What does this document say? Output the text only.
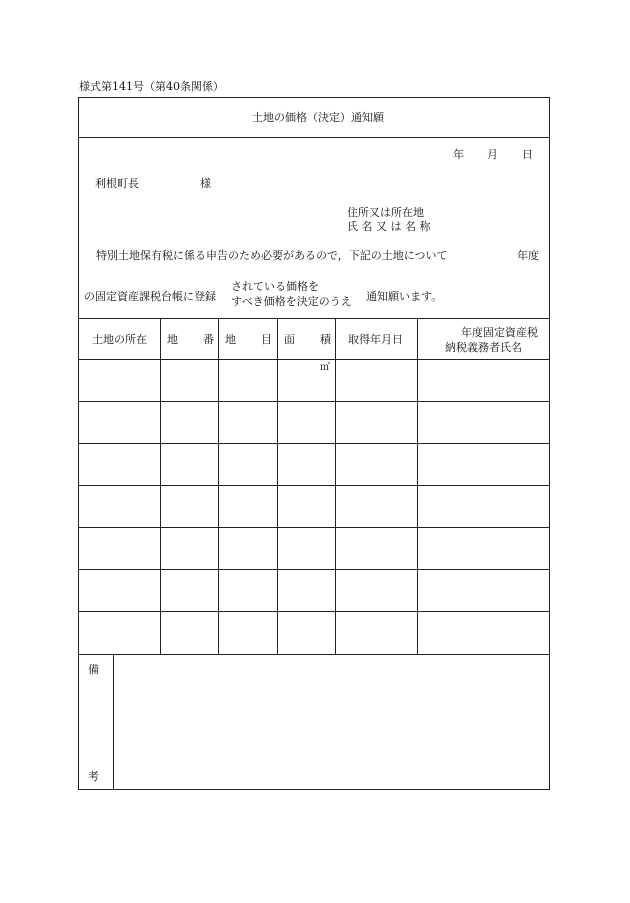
様式第141号（第40条関係）
土地の価格（決定）通知願
年 月 日
利根町長	様
住所又は所在地
氏 名 又 は 名 称
特別土地保有税に係る申告のため必要があるので，下記の土地について	年度
の固定資産課税台帳に登録
されている価格を
すべき価格を決定のうえ 通知願います。
土地の所在 地 番 地 目 面 積 取得年月日
年度固定資産税
納税義務者氏名
㎡
備
考
